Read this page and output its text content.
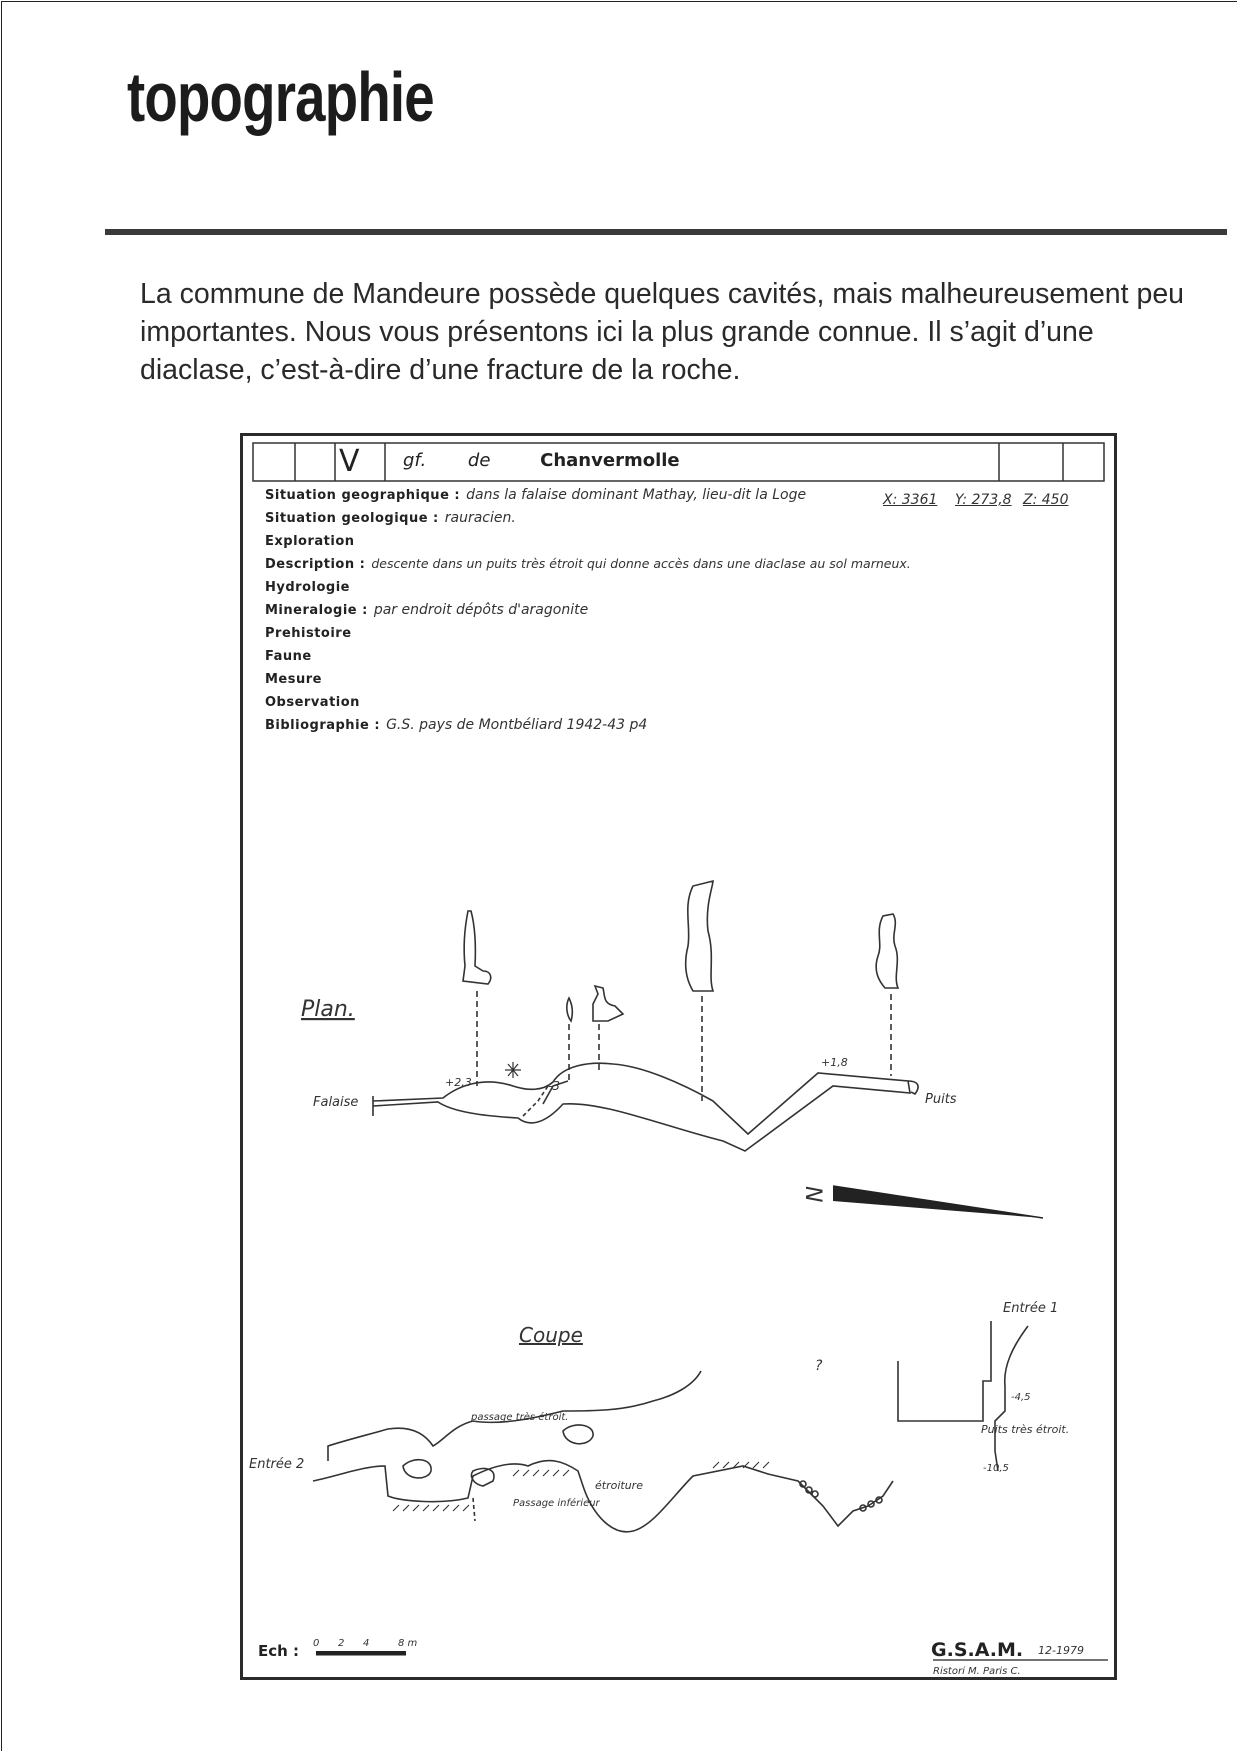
topographie

La commune de Mandeure possède quelques cavités, mais malheureusement peu importantes. Nous vous présentons ici la plus grande connue. Il s’agit d’une diaclase, c’est-à-dire d’une fracture de la roche.

Plan.
Falaise	Puits
+2,3	-3
+1,8
N
Coupe
Entrée 1
Entrée 2
?
passage très étroit.
Passage inférieur
étroiture
Puits très étroit.
-4,5
-10,5
Ech : 0 2 4	8 m	G.S.A.M. 12-1979
Ristori M. Paris C.
V gf. de	Chanvermolle
Situation geographique : dans la falaise dominant Mathay, lieu-dit la Loge
Situation geologique : rauracien.
Exploration
Description : descente dans un puits très étroit qui donne accès dans une diaclase au sol marneux.
Hydrologie
Mineralogie : par endroit dépôts d'aragonite
Prehistoire
Faune
Mesure
Observation
Bibliographie : G.S. pays de Montbéliard 1942-43 p4
X: 3361 Y: 273,8 Z: 450
